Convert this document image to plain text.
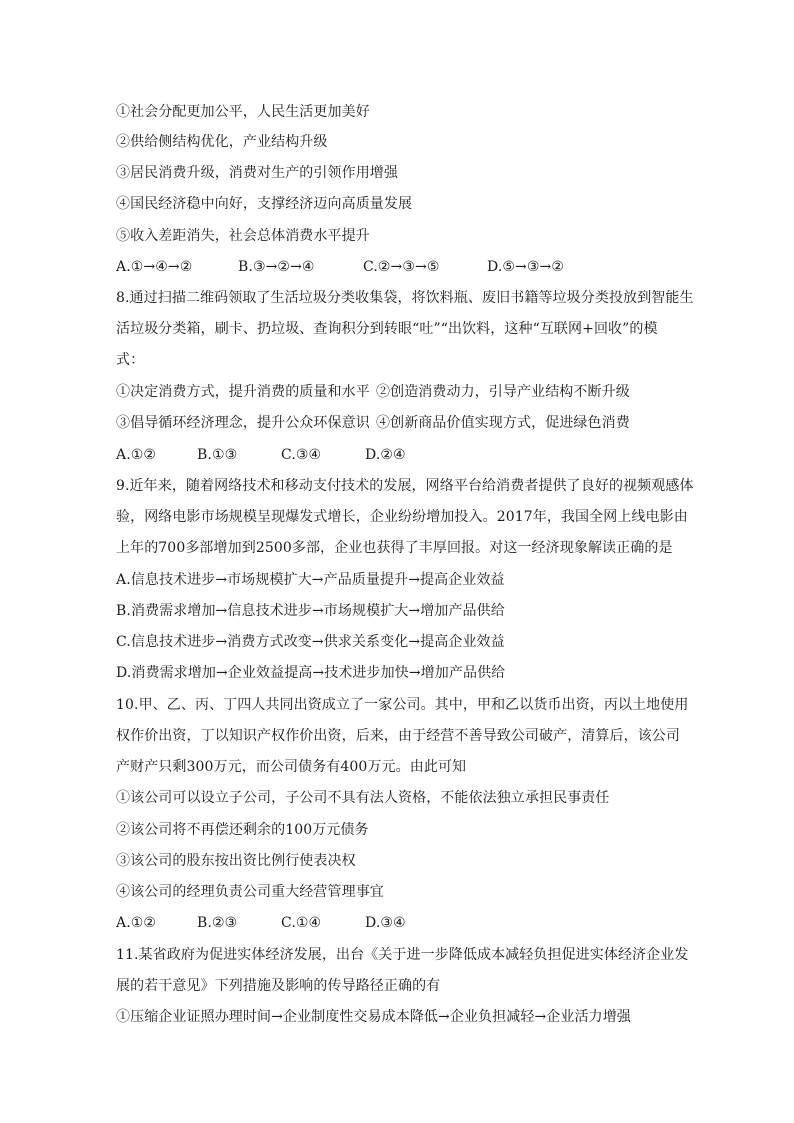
①社会分配更加公平，人民生活更加美好
②供给侧结构优化，产业结构升级
③居民消费升级，消费对生产的引领作用增强
④国民经济稳中向好，支撑经济迈向高质量发展
⑤收入差距消失，社会总体消费水平提升
A.①→④→②	B.③→②→④	C.②→③→⑤	D.⑤→③→②
8.通过扫描二维码领取了生活垃圾分类收集袋，将饮料瓶、废旧书籍等垃圾分类投放到智能生
活垃圾分类箱，刷卡、扔垃圾、查询积分到转眼“吐”“出饮料，这种“互联网+回收”的模
式：
①决定消费方式，提升消费的质量和水平 ②创造消费动力，引导产业结构不断升级
③倡导循环经济理念，提升公众环保意识 ④创新商品价值实现方式，促进绿色消费
A.①②	B.①③	C.③④	D.②④
9.近年来，随着网络技术和移动支付技术的发展，网络平台给消费者提供了良好的视频观感体
验，网络电影市场规模呈现爆发式增长，企业纷纷增加投入。2017年，我国全网上线电影由
上年的700多部增加到2500多部，企业也获得了丰厚回报。对这一经济现象解读正确的是
A.信息技术进步→市场规模扩大→产品质量提升→提高企业效益
B.消费需求增加→信息技术进步→市场规模扩大→增加产品供给
C.信息技术进步→消费方式改变→供求关系变化→提高企业效益
D.消费需求增加→企业效益提高→技术进步加快→增加产品供给
10.甲、乙、丙、丁四人共同出资成立了一家公司。其中，甲和乙以货币出资，丙以土地使用
权作价出资，丁以知识产权作价出资，后来，由于经营不善导致公司破产，清算后，该公司
产财产只剩300万元，而公司债务有400万元。由此可知
①该公司可以设立子公司，子公司不具有法人资格，不能依法独立承担民事责任
②该公司将不再偿还剩余的100万元债务
③该公司的股东按出资比例行使表决权
④该公司的经理负责公司重大经营管理事宜
A.①②	B.②③	C.①④	D.③④
11.某省政府为促进实体经济发展，出台《关于进一步降低成本减轻负担促进实体经济企业发
展的若干意见》下列措施及影响的传导路径正确的有
①压缩企业证照办理时间→企业制度性交易成本降低→企业负担减轻→企业活力增强
